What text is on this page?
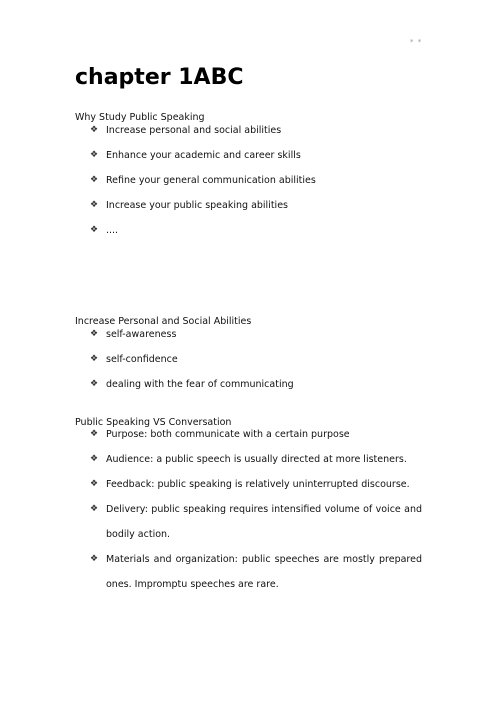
* *
chapter 1ABC

Why Study Public Speaking

❖ Increase personal and social abilities
❖ Enhance your academic and career skills
❖ Refine your general communication abilities
❖ Increase your public speaking abilities
❖ ....

Increase Personal and Social Abilities

❖ self-awareness
❖ self-confidence
❖ dealing with the fear of communicating

Public Speaking VS Conversation

❖ Purpose: both communicate with a certain purpose
❖ Audience: a public speech is usually directed at more listeners.
❖ Feedback: public speaking is relatively uninterrupted discourse.
❖ Delivery: public speaking requires intensified volume of voice and bodily action.
❖ Materials and organization: public speeches are mostly prepared ones. Impromptu speeches are rare.
